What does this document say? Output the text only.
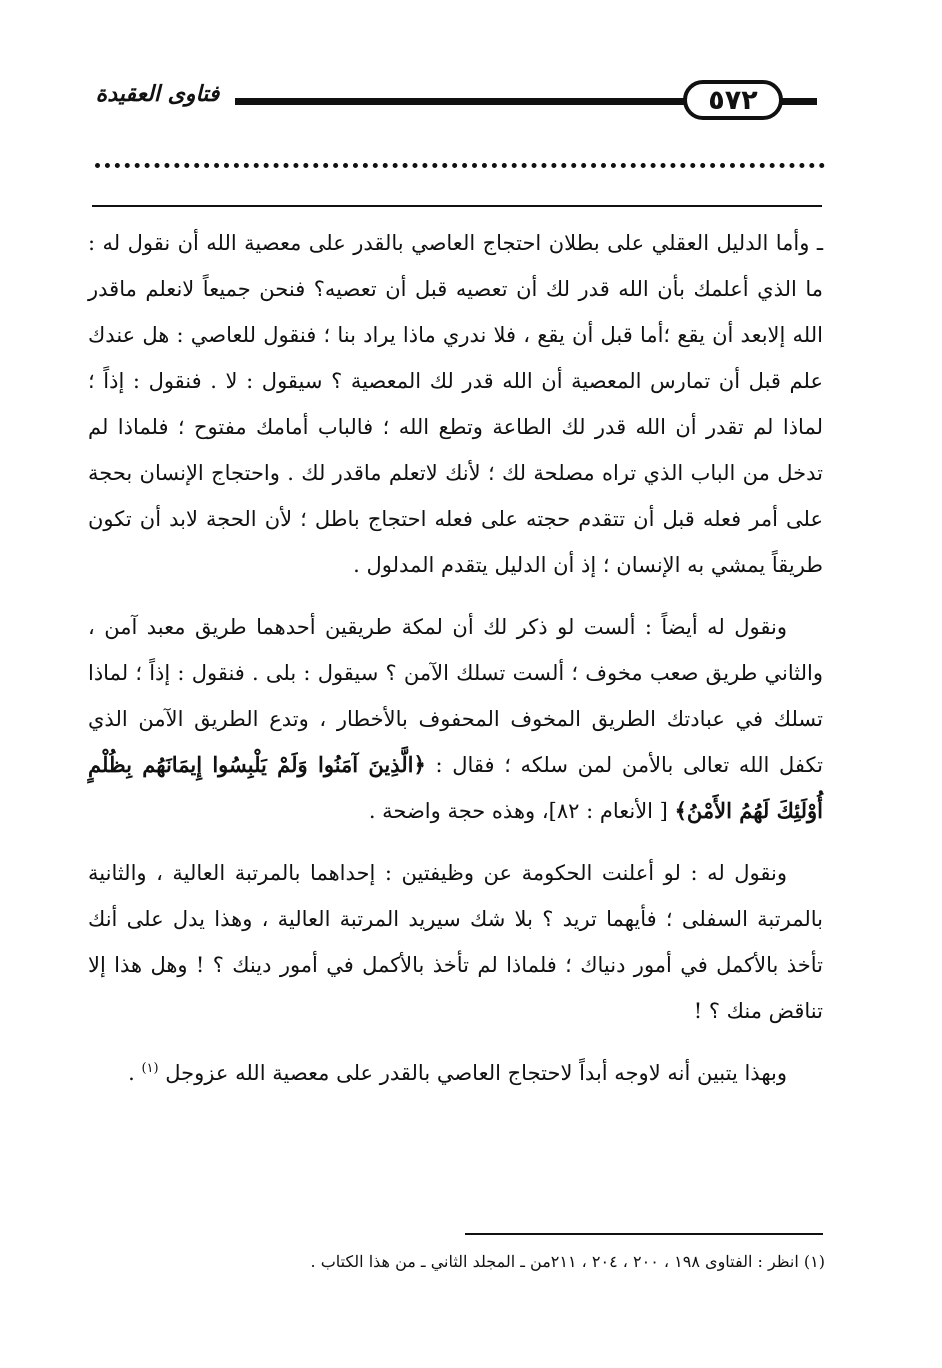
٥٧٢
فتاوى العقيدة

ـ وأما الدليل العقلي على بطلان احتجاج العاصي بالقدر على معصية الله أن نقول له : ما الذي أعلمك بأن الله قدر لك أن تعصيه قبل أن تعصيه؟ فنحن جميعاً لانعلم ماقدر الله إلابعد أن يقع ؛أما قبل أن يقع ، فلا ندري ماذا يراد بنا ؛ فنقول للعاصي : هل عندك علم قبل أن تمارس المعصية أن الله قدر لك المعصية ؟ سيقول : لا . فنقول : إذاً ؛ لماذا لم تقدر أن الله قدر لك الطاعة وتطع الله ؛ فالباب أمامك مفتوح ؛ فلماذا لم تدخل من الباب الذي تراه مصلحة لك ؛ لأنك لاتعلم ماقدر لك . واحتجاج الإنسان بحجة على أمر فعله قبل أن تتقدم حجته على فعله احتجاج باطل ؛ لأن الحجة لابد أن تكون طريقاً يمشي به الإنسان ؛ إذ أن الدليل يتقدم المدلول .

ونقول له أيضاً : ألست لو ذكر لك أن لمكة طريقين أحدهما طريق معبد آمن ، والثاني طريق صعب مخوف ؛ ألست تسلك الآمن ؟ سيقول : بلى . فنقول : إذاً ؛ لماذا تسلك في عبادتك الطريق المخوف المحفوف بالأخطار ، وتدع الطريق الآمن الذي تكفل الله تعالى بالأمن لمن سلكه ؛ فقال : ﴿الَّذِينَ آمَنُوا وَلَمْ يَلْبِسُوا إِيمَانَهُم بِظُلْمٍ أُوْلَئِكَ لَهُمُ الأَمْنُ﴾ [ الأنعام : ٨٢]، وهذه حجة واضحة .

ونقول له : لو أعلنت الحكومة عن وظيفتين : إحداهما بالمرتبة العالية ، والثانية بالمرتبة السفلى ؛ فأيهما تريد ؟ بلا شك سيريد المرتبة العالية ، وهذا يدل على أنك تأخذ بالأكمل في أمور دنياك ؛ فلماذا لم تأخذ بالأكمل في أمور دينك ؟ ! وهل هذا إلا تناقض منك ؟ !

وبهذا يتبين أنه لاوجه أبداً لاحتجاج العاصي بالقدر على معصية الله عزوجل $^{(١)}$ .

(١) انظر : الفتاوى ١٩٨ ، ٢٠٠ ، ٢٠٤ ، ٢١١من ـ المجلد الثاني ـ من هذا الكتاب .
